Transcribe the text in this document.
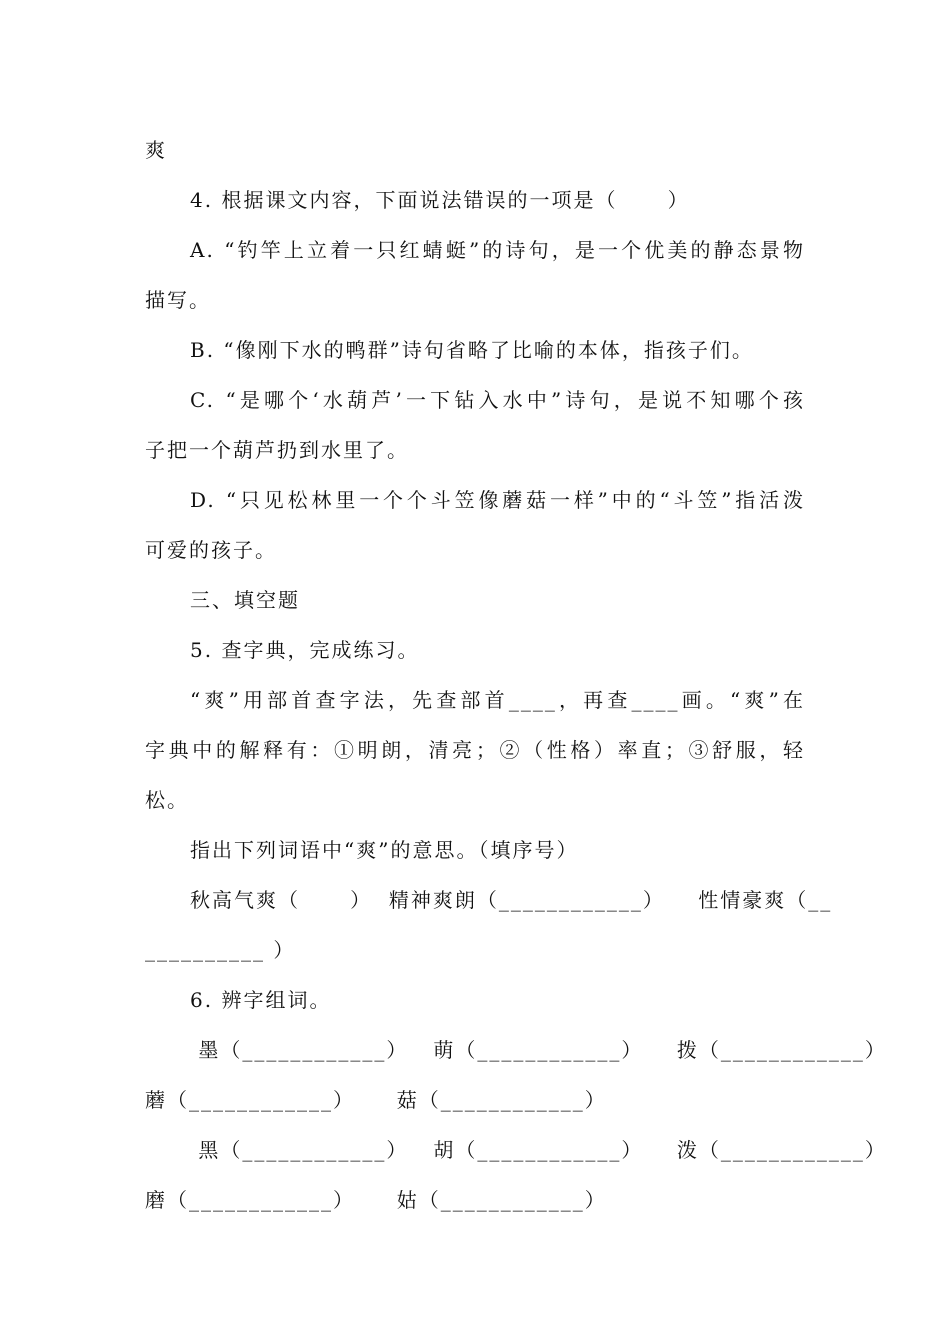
爽
4. 根据课文内容，下面说法错误的一项是（      ）
A. “钓竿上立着一只红蜻蜓”的诗句，是一个优美的静态景物
描写。
B. “像刚下水的鸭群”诗句省略了比喻的本体，指孩子们。
C. “是哪个‘水葫芦’一下钻入水中”诗句，是说不知哪个孩
子把一个葫芦扔到水里了。
D. “只见松林里一个个斗笠像蘑菇一样”中的“斗笠”指活泼
可爱的孩子。
三、填空题
5. 查字典，完成练习。
“爽”用部首查字法，先查部首____，再查____画。“爽”在
字典中的解释有：①明朗，清亮；②（性格）率直；③舒服，轻
松。
指出下列词语中“爽”的意思。（填序号）
秋高气爽（      ）  精神爽朗（____________）    性情豪爽（__
__________ ）
6. 辨字组词。
墨（____________）   萌（____________）    拨（____________）
蘑（____________）     菇（____________）
黑（____________）   胡（____________）    泼（____________）
磨（____________）     姑（____________）
